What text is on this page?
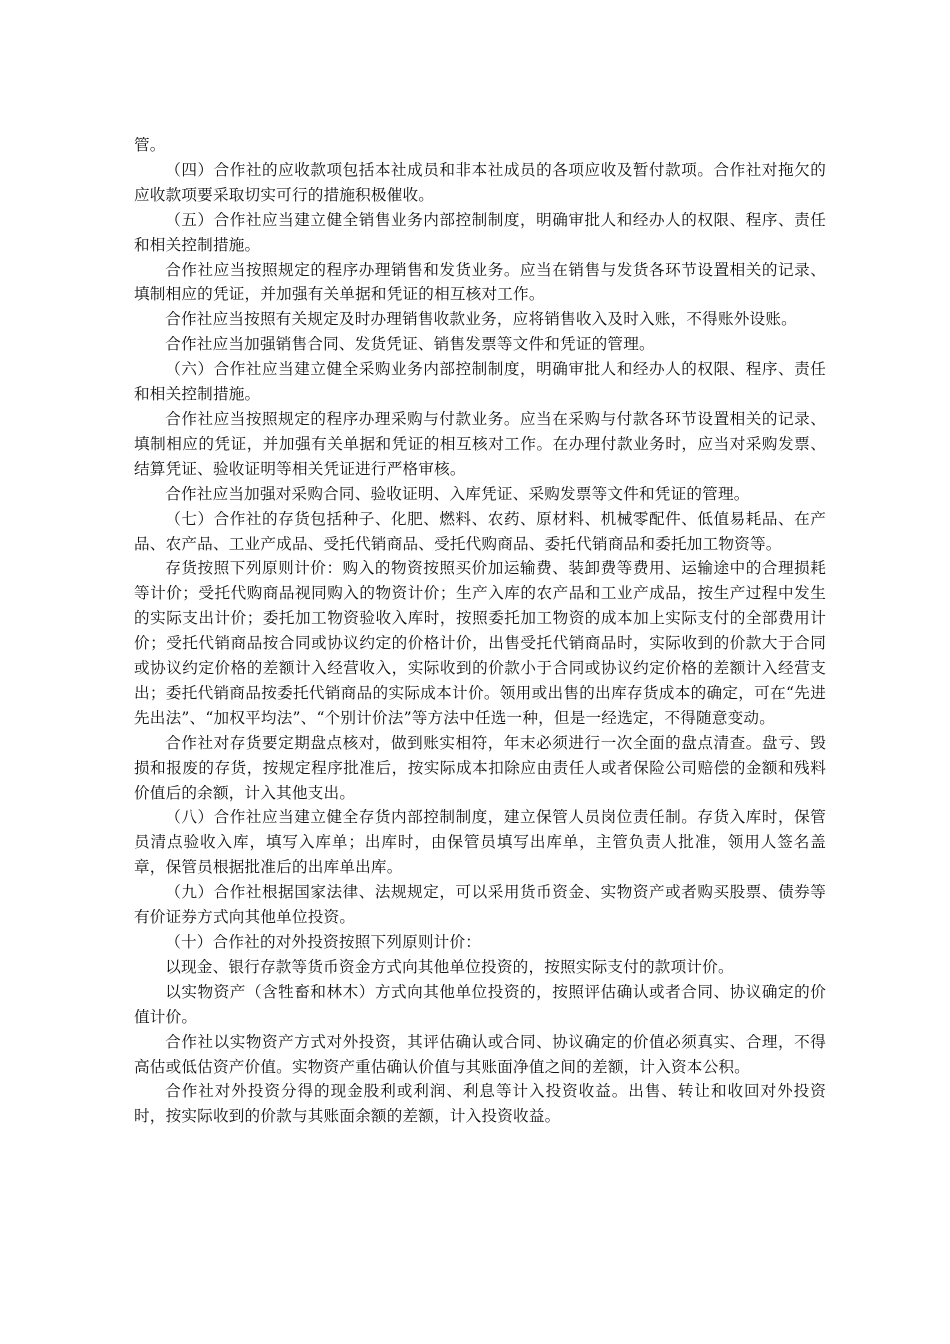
管。

（四）合作社的应收款项包括本社成员和非本社成员的各项应收及暂付款项。合作社对拖欠的应收款项要采取切实可行的措施积极催收。

（五）合作社应当建立健全销售业务内部控制制度，明确审批人和经办人的权限、程序、责任和相关控制措施。

合作社应当按照规定的程序办理销售和发货业务。应当在销售与发货各环节设置相关的记录、填制相应的凭证，并加强有关单据和凭证的相互核对工作。

合作社应当按照有关规定及时办理销售收款业务，应将销售收入及时入账，不得账外设账。

合作社应当加强销售合同、发货凭证、销售发票等文件和凭证的管理。

（六）合作社应当建立健全采购业务内部控制制度，明确审批人和经办人的权限、程序、责任和相关控制措施。

合作社应当按照规定的程序办理采购与付款业务。应当在采购与付款各环节设置相关的记录、填制相应的凭证，并加强有关单据和凭证的相互核对工作。在办理付款业务时，应当对采购发票、结算凭证、验收证明等相关凭证进行严格审核。

合作社应当加强对采购合同、验收证明、入库凭证、采购发票等文件和凭证的管理。

（七）合作社的存货包括种子、化肥、燃料、农药、原材料、机械零配件、低值易耗品、在产品、农产品、工业产成品、受托代销商品、受托代购商品、委托代销商品和委托加工物资等。

存货按照下列原则计价：购入的物资按照买价加运输费、装卸费等费用、运输途中的合理损耗等计价；受托代购商品视同购入的物资计价；生产入库的农产品和工业产成品，按生产过程中发生的实际支出计价；委托加工物资验收入库时，按照委托加工物资的成本加上实际支付的全部费用计价；受托代销商品按合同或协议约定的价格计价，出售受托代销商品时，实际收到的价款大于合同或协议约定价格的差额计入经营收入，实际收到的价款小于合同或协议约定价格的差额计入经营支出；委托代销商品按委托代销商品的实际成本计价。领用或出售的出库存货成本的确定，可在“先进先出法”、“加权平均法”、“个别计价法”等方法中任选一种，但是一经选定，不得随意变动。

合作社对存货要定期盘点核对，做到账实相符，年末必须进行一次全面的盘点清查。盘亏、毁损和报废的存货，按规定程序批准后，按实际成本扣除应由责任人或者保险公司赔偿的金额和残料价值后的余额，计入其他支出。

（八）合作社应当建立健全存货内部控制制度，建立保管人员岗位责任制。存货入库时，保管员清点验收入库，填写入库单；出库时，由保管员填写出库单，主管负责人批准，领用人签名盖章，保管员根据批准后的出库单出库。

（九）合作社根据国家法律、法规规定，可以采用货币资金、实物资产或者购买股票、债券等有价证券方式向其他单位投资。

（十）合作社的对外投资按照下列原则计价：

以现金、银行存款等货币资金方式向其他单位投资的，按照实际支付的款项计价。

以实物资产（含牲畜和林木）方式向其他单位投资的，按照评估确认或者合同、协议确定的价值计价。

合作社以实物资产方式对外投资，其评估确认或合同、协议确定的价值必须真实、合理，不得高估或低估资产价值。实物资产重估确认价值与其账面净值之间的差额，计入资本公积。

合作社对外投资分得的现金股利或利润、利息等计入投资收益。出售、转让和收回对外投资时，按实际收到的价款与其账面余额的差额，计入投资收益。
